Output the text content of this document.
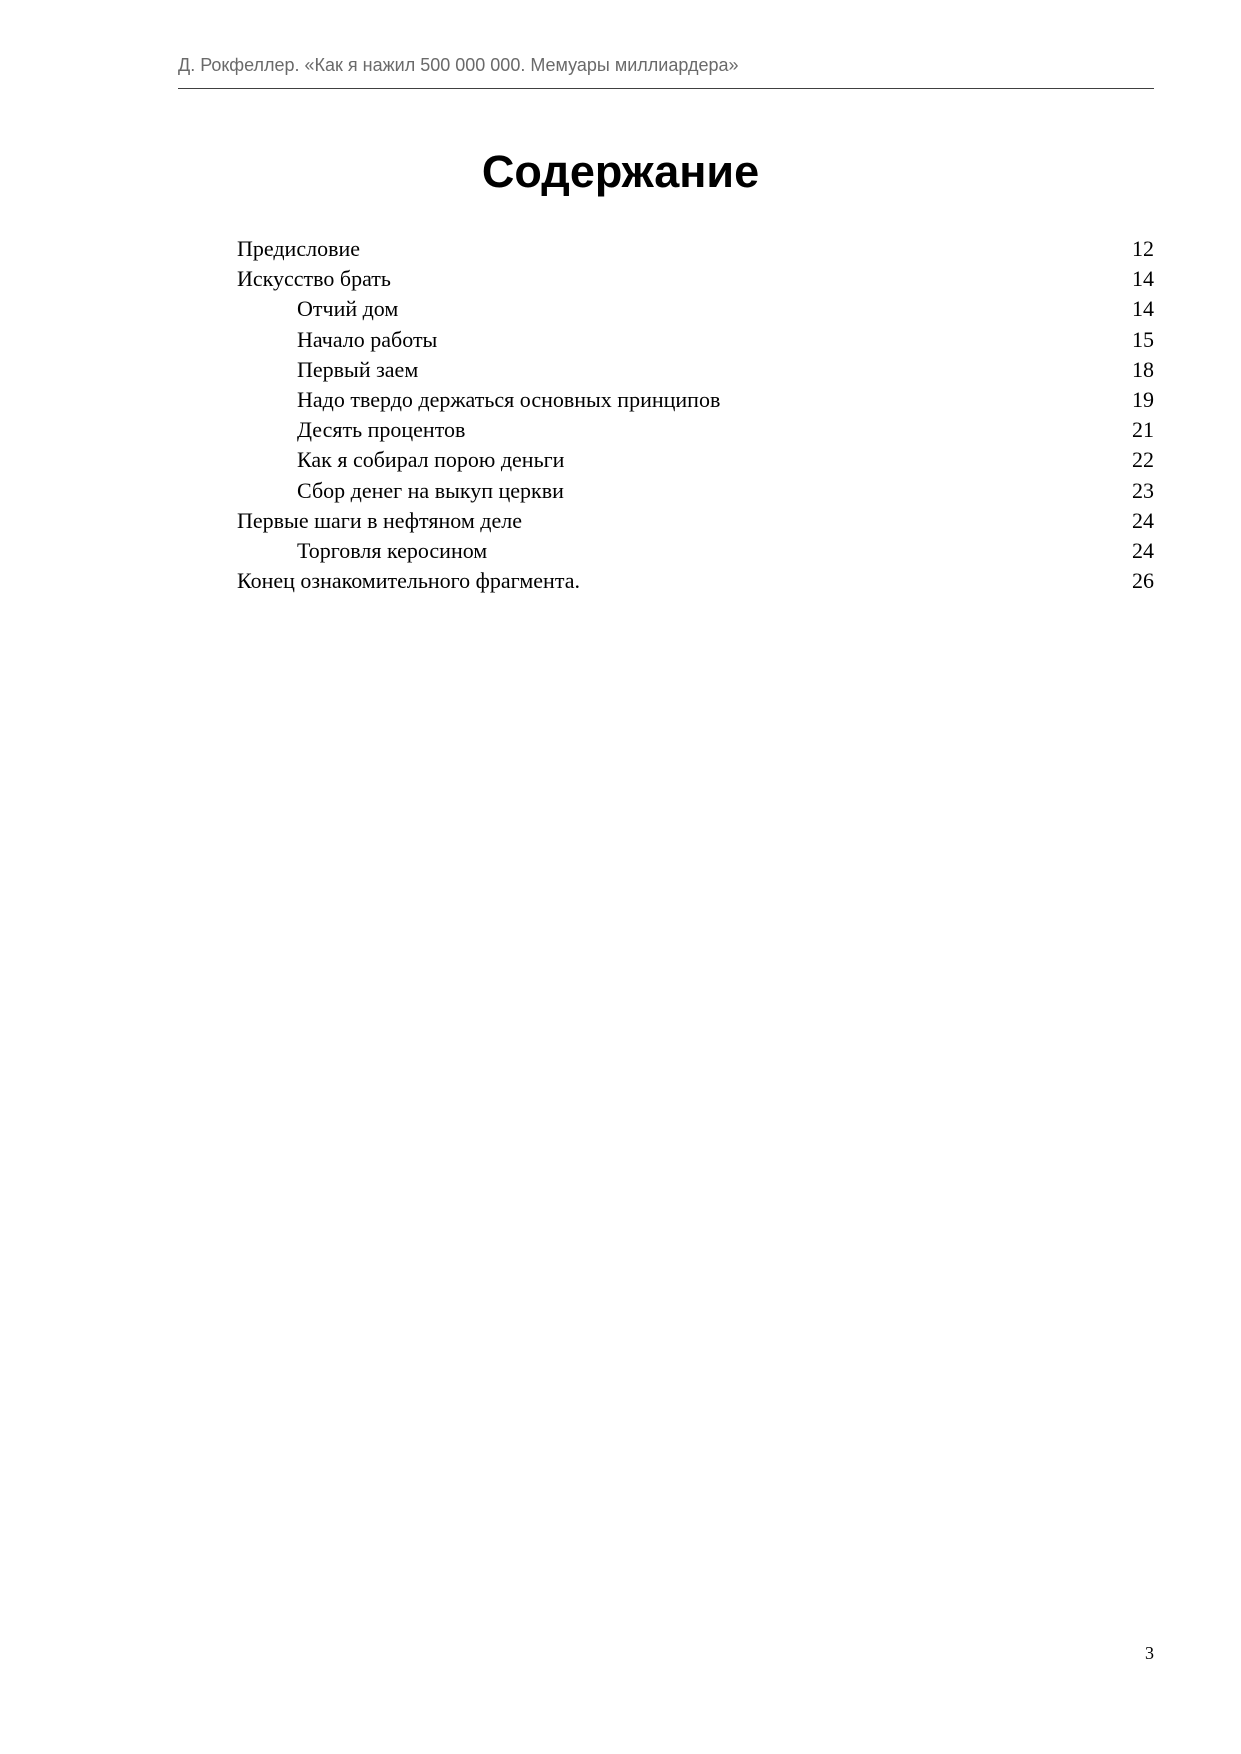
Д. Рокфеллер. «Как я нажил 500 000 000. Мемуары миллиардера»
Содержание
Предисловие	12
Искусство брать	14
Отчий дом	14
Начало работы	15
Первый заем	18
Надо твердо держаться основных принципов	19
Десять процентов	21
Как я собирал порою деньги	22
Сбор денег на выкуп церкви	23
Первые шаги в нефтяном деле	24
Торговля керосином	24
Конец ознакомительного фрагмента.	26
3
